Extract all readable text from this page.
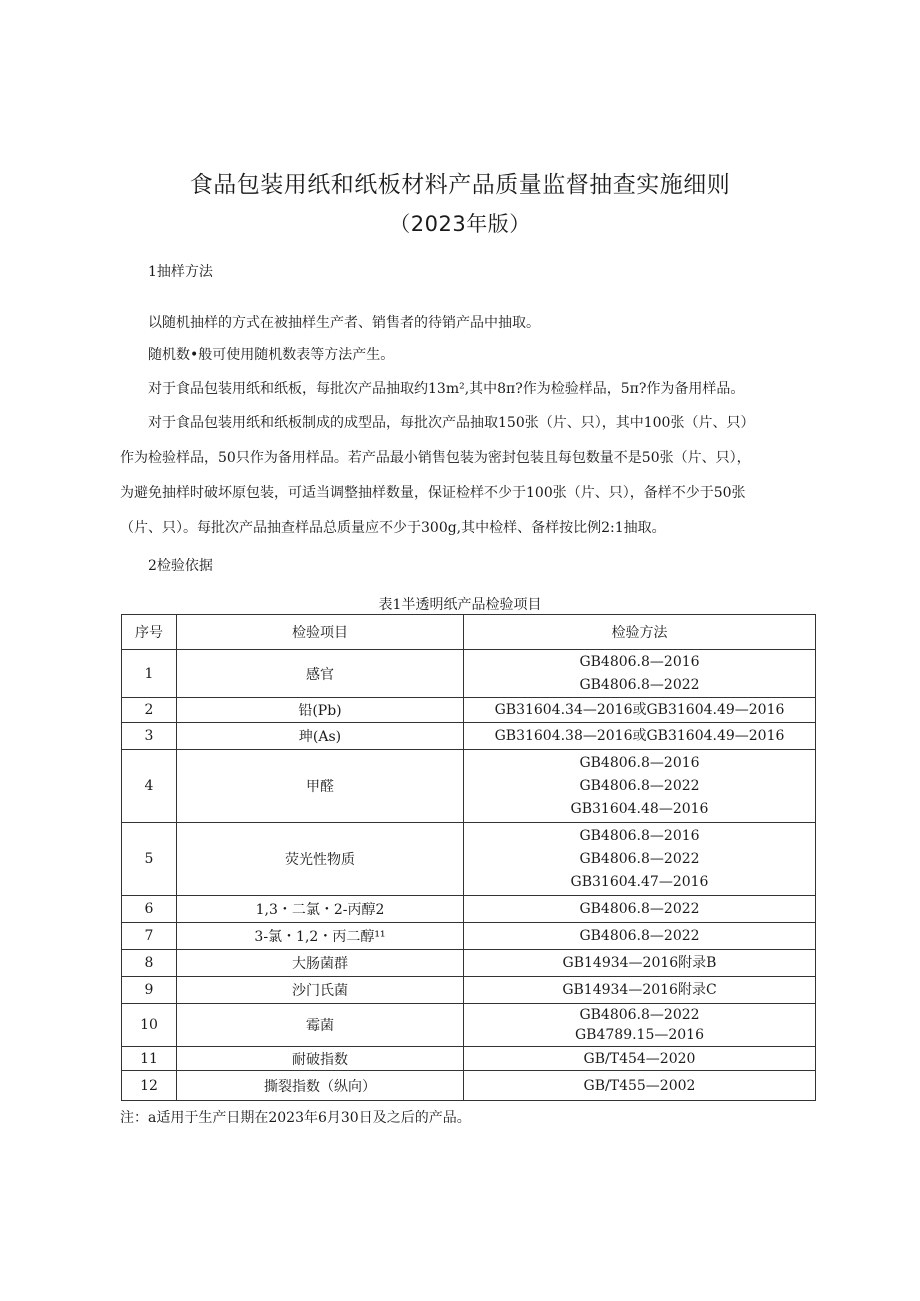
食品包装用纸和纸板材料产品质量监督抽查实施细则
（2023年版）
1抽样方法
以随机抽样的方式在被抽样生产者、销售者的待销产品中抽取。
随机数•般可使用随机数表等方法产生。
对于食品包装用纸和纸板，每批次产品抽取约13m²,其中8π?作为检验样品，5π?作为备用样品。
对于食品包装用纸和纸板制成的成型品，每批次产品抽取150张（片、只），其中100张（片、只）
作为检验样品，50只作为备用样品。若产品最小销售包装为密封包装且每包数量不是50张（片、只），
为避免抽样时破坏原包装，可适当调整抽样数量，保证检样不少于100张（片、只），备样不少于50张
（片、只）。每批次产品抽查样品总质量应不少于300g,其中检样、备样按比例2:1抽取。
2检验依据
表1半透明纸产品检验项目
序号	检验项目	检验方法
1	感官	GB4806.8—2016
GB4806.8—2022

2	铅(Pb)	GB31604.34—2016或GB31604.49—2016

3	珅(As)	GB31604.38—2016或GB31604.49—2016

4	甲醛	GB4806.8—2016
GB4806.8—2022
GB31604.48—2016

5	荧光性物质	GB4806.8—2016
GB4806.8—2022
GB31604.47—2016

6	1,3・二氯・2-丙醇2	GB4806.8—2022

7	3-氯・1,2・丙二醇¹¹	GB4806.8—2022

8	大肠菌群	GB14934—2016附录B

9	沙门氏菌	GB14934—2016附录C

10	霉菌	GB4806.8—2022
GB4789.15—2016

11	耐破指数	GB/T454—2020

12	撕裂指数（纵向）	GB/T455—2002
注：a适用于生产日期在2023年6月30日及之后的产品。
